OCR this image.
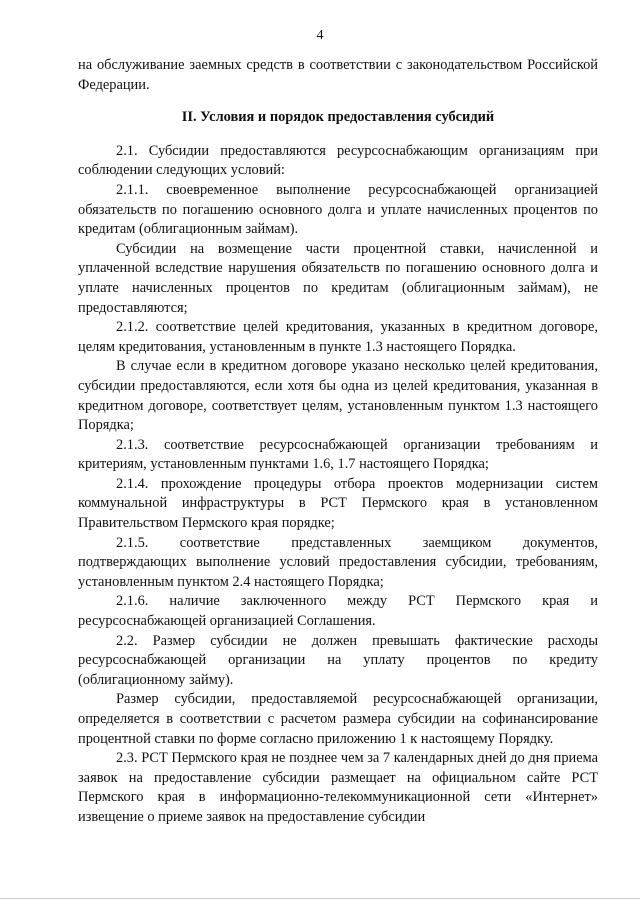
4

на обслуживание заемных средств в соответствии с законодательством Российской Федерации.

II. Условия и порядок предоставления субсидий

2.1. Субсидии предоставляются ресурсоснабжающим организациям при соблюдении следующих условий:

2.1.1. своевременное выполнение ресурсоснабжающей организацией обязательств по погашению основного долга и уплате начисленных процентов по кредитам (облигационным займам).

Субсидии на возмещение части процентной ставки, начисленной и уплаченной вследствие нарушения обязательств по погашению основного долга и уплате начисленных процентов по кредитам (облигационным займам), не предоставляются;

2.1.2. соответствие целей кредитования, указанных в кредитном договоре, целям кредитования, установленным в пункте 1.3 настоящего Порядка.

В случае если в кредитном договоре указано несколько целей кредитования, субсидии предоставляются, если хотя бы одна из целей кредитования, указанная в кредитном договоре, соответствует целям, установленным пунктом 1.3 настоящего Порядка;

2.1.3. соответствие ресурсоснабжающей организации требованиям и критериям, установленным пунктами 1.6, 1.7 настоящего Порядка;

2.1.4. прохождение процедуры отбора проектов модернизации систем коммунальной инфраструктуры в РСТ Пермского края в установленном Правительством Пермского края порядке;

2.1.5. соответствие представленных заемщиком документов, подтверждающих выполнение условий предоставления субсидии, требованиям, установленным пунктом 2.4 настоящего Порядка;

2.1.6. наличие заключенного между РСТ Пермского края и ресурсоснабжающей организацией Соглашения.

2.2. Размер субсидии не должен превышать фактические расходы ресурсоснабжающей организации на уплату процентов по кредиту (облигационному займу).

Размер субсидии, предоставляемой ресурсоснабжающей организации, определяется в соответствии с расчетом размера субсидии на софинансирование процентной ставки по форме согласно приложению 1 к настоящему Порядку.

2.3. РСТ Пермского края не позднее чем за 7 календарных дней до дня приема заявок на предоставление субсидии размещает на официальном сайте РСТ Пермского края в информационно-телекоммуникационной сети «Интернет» извещение о приеме заявок на предоставление субсидии
